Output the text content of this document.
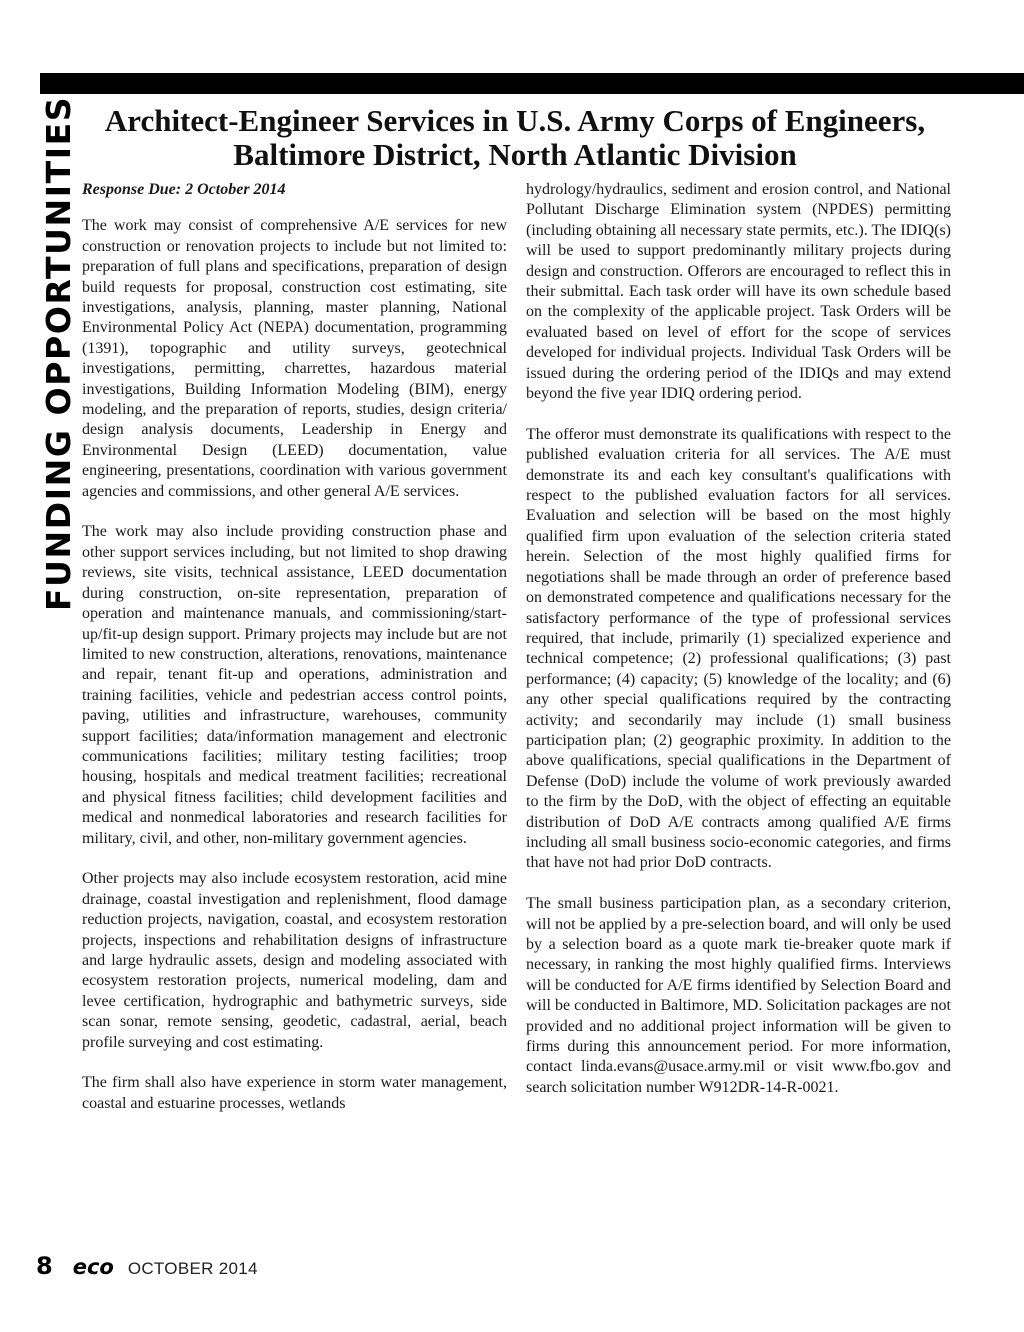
FUNDING OPPORTUNITIES Architect-Engineer Services in U.S. Army Corps of Engineers,
Baltimore District, North Atlantic Division

Response Due: 2 October 2014

The work may consist of comprehensive A/E services for new construction or renovation projects to include but not limited to: preparation of full plans and specifications, preparation of design build requests for proposal, construction cost estimating, site investigations, analysis, planning, master planning, National Environmental Policy Act (NEPA) documentation, programming (1391), topographic and utility surveys, geotechnical investigations, permitting, charrettes, hazardous material investigations, Building Information Modeling (BIM), energy modeling, and the preparation of reports, studies, design criteria/ design analysis documents, Leadership in Energy and Environmental Design (LEED) documentation, value engineering, presentations, coordination with various government agencies and commissions, and other general A/E services.

The work may also include providing construction phase and other support services including, but not limited to shop drawing reviews, site visits, technical assistance, LEED documentation during construction, on-site representation, preparation of operation and maintenance manuals, and commissioning/start-up/fit-up design support. Primary projects may include but are not limited to new construction, alterations, renovations, maintenance and repair, tenant fit-up and operations, administration and training facilities, vehicle and pedestrian access control points, paving, utilities and infrastructure, warehouses, community support facilities; data/information management and electronic communications facilities; military testing facilities; troop housing, hospitals and medical treatment facilities; recreational and physical fitness facilities; child development facilities and medical and nonmedical laboratories and research facilities for military, civil, and other, non-military government agencies.

Other projects may also include ecosystem restoration, acid mine drainage, coastal investigation and replenishment, flood damage reduction projects, navigation, coastal, and ecosystem restoration projects, inspections and rehabilitation designs of infrastructure and large hydraulic assets, design and modeling associated with ecosystem restoration projects, numerical modeling, dam and levee certification, hydrographic and bathymetric surveys, side scan sonar, remote sensing, geodetic, cadastral, aerial, beach profile surveying and cost estimating.

The firm shall also have experience in storm water management, coastal and estuarine processes, wetlands

hydrology/hydraulics, sediment and erosion control, and National Pollutant Discharge Elimination system (NPDES) permitting (including obtaining all necessary state permits, etc.). The IDIQ(s) will be used to support predominantly military projects during design and construction. Offerors are encouraged to reflect this in their submittal. Each task order will have its own schedule based on the complexity of the applicable project. Task Orders will be evaluated based on level of effort for the scope of services developed for individual projects. Individual Task Orders will be issued during the ordering period of the IDIQs and may extend beyond the five year IDIQ ordering period.

The offeror must demonstrate its qualifications with respect to the published evaluation criteria for all services. The A/E must demonstrate its and each key consultant's qualifications with respect to the published evaluation factors for all services. Evaluation and selection will be based on the most highly qualified firm upon evaluation of the selection criteria stated herein. Selection of the most highly qualified firms for negotiations shall be made through an order of preference based on demonstrated competence and qualifications necessary for the satisfactory performance of the type of professional services required, that include, primarily (1) specialized experience and technical competence; (2) professional qualifications; (3) past performance; (4) capacity; (5) knowledge of the locality; and (6) any other special qualifications required by the contracting activity; and secondarily may include (1) small business participation plan; (2) geographic proximity. In addition to the above qualifications, special qualifications in the Department of Defense (DoD) include the volume of work previously awarded to the firm by the DoD, with the object of effecting an equitable distribution of DoD A/E contracts among qualified A/E firms including all small business socio-economic categories, and firms that have not had prior DoD contracts.

The small business participation plan, as a secondary criterion, will not be applied by a pre-selection board, and will only be used by a selection board as a quote mark tie-breaker quote mark if necessary, in ranking the most highly qualified firms. Interviews will be conducted for A/E firms identified by Selection Board and will be conducted in Baltimore, MD. Solicitation packages are not provided and no additional project information will be given to firms during this announcement period. For more information, contact linda.evans@usace.army.mil or visit www.fbo.gov and search solicitation number W912DR-14-R-0021.

8 eco OCTOBER 2014
